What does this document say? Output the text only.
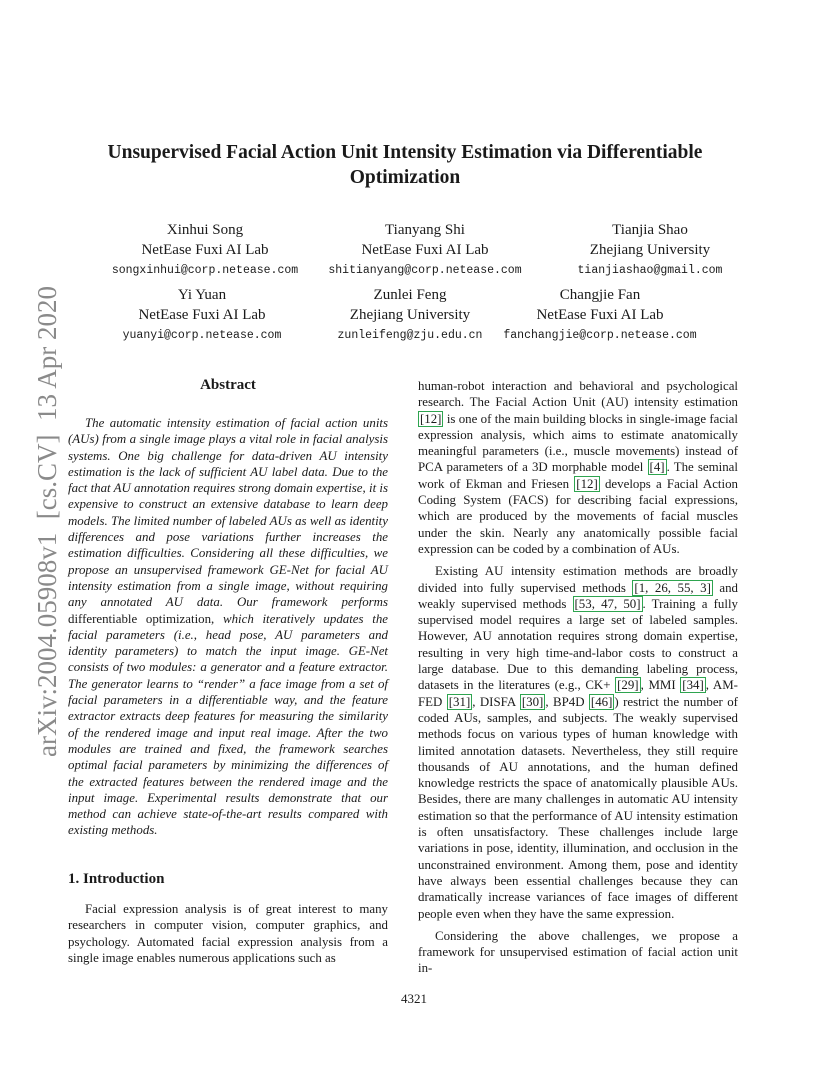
arXiv:2004.05908v1  [cs.CV]  13 Apr 2020
Unsupervised Facial Action Unit Intensity Estimation via Differentiable
Optimization
Xinhui Song
NetEase Fuxi AI Lab
songxinhui@corp.netease.com
Tianyang Shi
NetEase Fuxi AI Lab
shitianyang@corp.netease.com
Tianjia Shao
Zhejiang University
tianjiashao@gmail.com
Yi Yuan
NetEase Fuxi AI Lab
yuanyi@corp.netease.com
Zunlei Feng
Zhejiang University
zunleifeng@zju.edu.cn
Changjie Fan
NetEase Fuxi AI Lab
fanchangjie@corp.netease.com
Abstract

The automatic intensity estimation of facial action units (AUs) from a single image plays a vital role in facial analysis systems. One big challenge for data-driven AU intensity estimation is the lack of sufficient AU label data. Due to the fact that AU annotation requires strong domain expertise, it is expensive to construct an extensive database to learn deep models. The limited number of labeled AUs as well as identity differences and pose variations further increases the estimation difficulties. Considering all these difficulties, we propose an unsupervised framework GE-Net for facial AU intensity estimation from a single image, without requiring any annotated AU data. Our framework performs differentiable optimization, which iteratively updates the facial parameters (i.e., head pose, AU parameters and identity parameters) to match the input image. GE-Net consists of two modules: a generator and a feature extractor. The generator learns to “render” a face image from a set of facial parameters in a differentiable way, and the feature extractor extracts deep features for measuring the similarity of the rendered image and input real image. After the two modules are trained and fixed, the framework searches optimal facial parameters by minimizing the differences of the extracted features between the rendered image and the input image. Experimental results demonstrate that our method can achieve state-of-the-art results compared with existing methods.

1. Introduction

Facial expression analysis is of great interest to many researchers in computer vision, computer graphics, and psychology. Automated facial expression analysis from a single image enables numerous applications such as

human-robot interaction and behavioral and psychological research. The Facial Action Unit (AU) intensity estimation [12] is one of the main building blocks in single-image facial expression analysis, which aims to estimate anatomically meaningful parameters (i.e., muscle movements) instead of PCA parameters of a 3D morphable model [4] . The seminal work of Ekman and Friesen [12] develops a Facial Action Coding System (FACS) for describing facial expressions, which are produced by the movements of facial muscles under the skin. Nearly any anatomically possible facial expression can be coded by a combination of AUs.

Existing AU intensity estimation methods are broadly divided into fully supervised methods [1, 26, 55, 3] and weakly supervised methods [53, 47, 50] . Training a fully supervised model requires a large set of labeled samples. However, AU annotation requires strong domain expertise, resulting in very high time-and-labor costs to construct a large database. Due to this demanding labeling process, datasets in the literatures (e.g., CK+ [29] , MMI [34] , AM-FED [31] , DISFA [30] , BP4D [46] ) restrict the number of coded AUs, samples, and subjects. The weakly supervised methods focus on various types of human knowledge with limited annotation datasets. Nevertheless, they still require thousands of AU annotations, and the human defined knowledge restricts the space of anatomically plausible AUs. Besides, there are many challenges in automatic AU intensity estimation so that the performance of AU intensity estimation is often unsatisfactory. These challenges include large variations in pose, identity, illumination, and occlusion in the unconstrained environment. Among them, pose and identity have always been essential challenges because they can dramatically increase variances of face images of different people even when they have the same expression.

Considering the above challenges, we propose a framework for unsupervised estimation of facial action unit in-

4321
